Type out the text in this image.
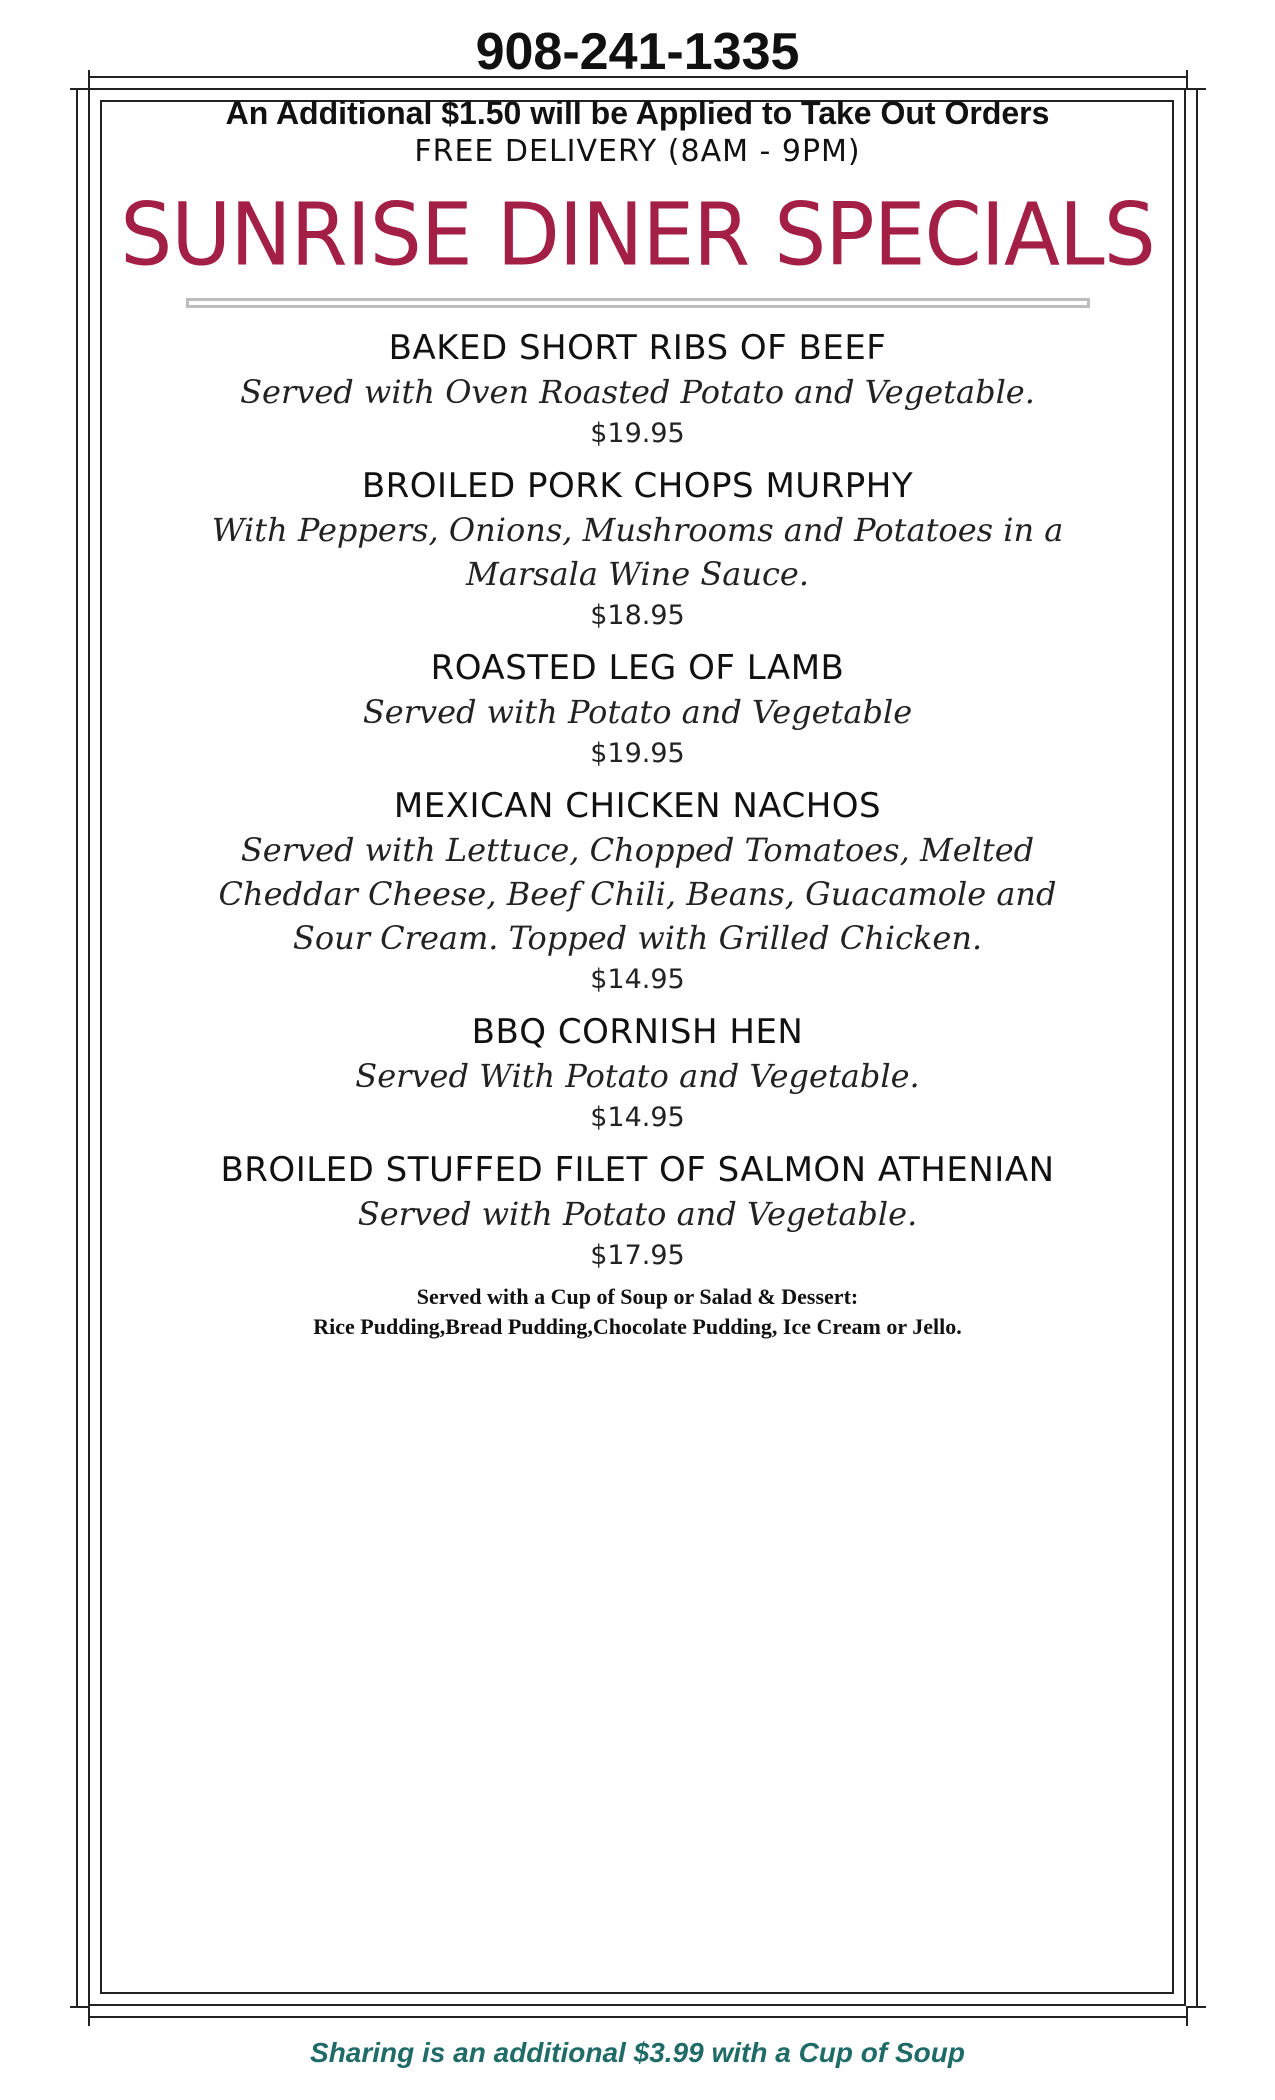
908-241-1335
An Additional $1.50 will be Applied to Take Out Orders
FREE DELIVERY (8AM - 9PM)
SUNRISE DINER SPECIALS
BAKED SHORT RIBS OF BEEF
Served with Oven Roasted Potato and Vegetable.
$19.95
BROILED PORK CHOPS MURPHY
With Peppers, Onions, Mushrooms and Potatoes in a Marsala Wine Sauce.
$18.95
ROASTED LEG OF LAMB
Served with Potato and Vegetable
$19.95
MEXICAN CHICKEN NACHOS
Served with Lettuce, Chopped Tomatoes, Melted Cheddar Cheese, Beef Chili, Beans, Guacamole and Sour Cream. Topped with Grilled Chicken.
$14.95
BBQ CORNISH HEN
Served With Potato and Vegetable.
$14.95
BROILED STUFFED FILET OF SALMON ATHENIAN
Served with Potato and Vegetable.
$17.95
Served with a Cup of Soup or Salad & Dessert:
Rice Pudding,Bread Pudding,Chocolate Pudding, Ice Cream or Jello.
Sharing is an additional $3.99 with a Cup of Soup
